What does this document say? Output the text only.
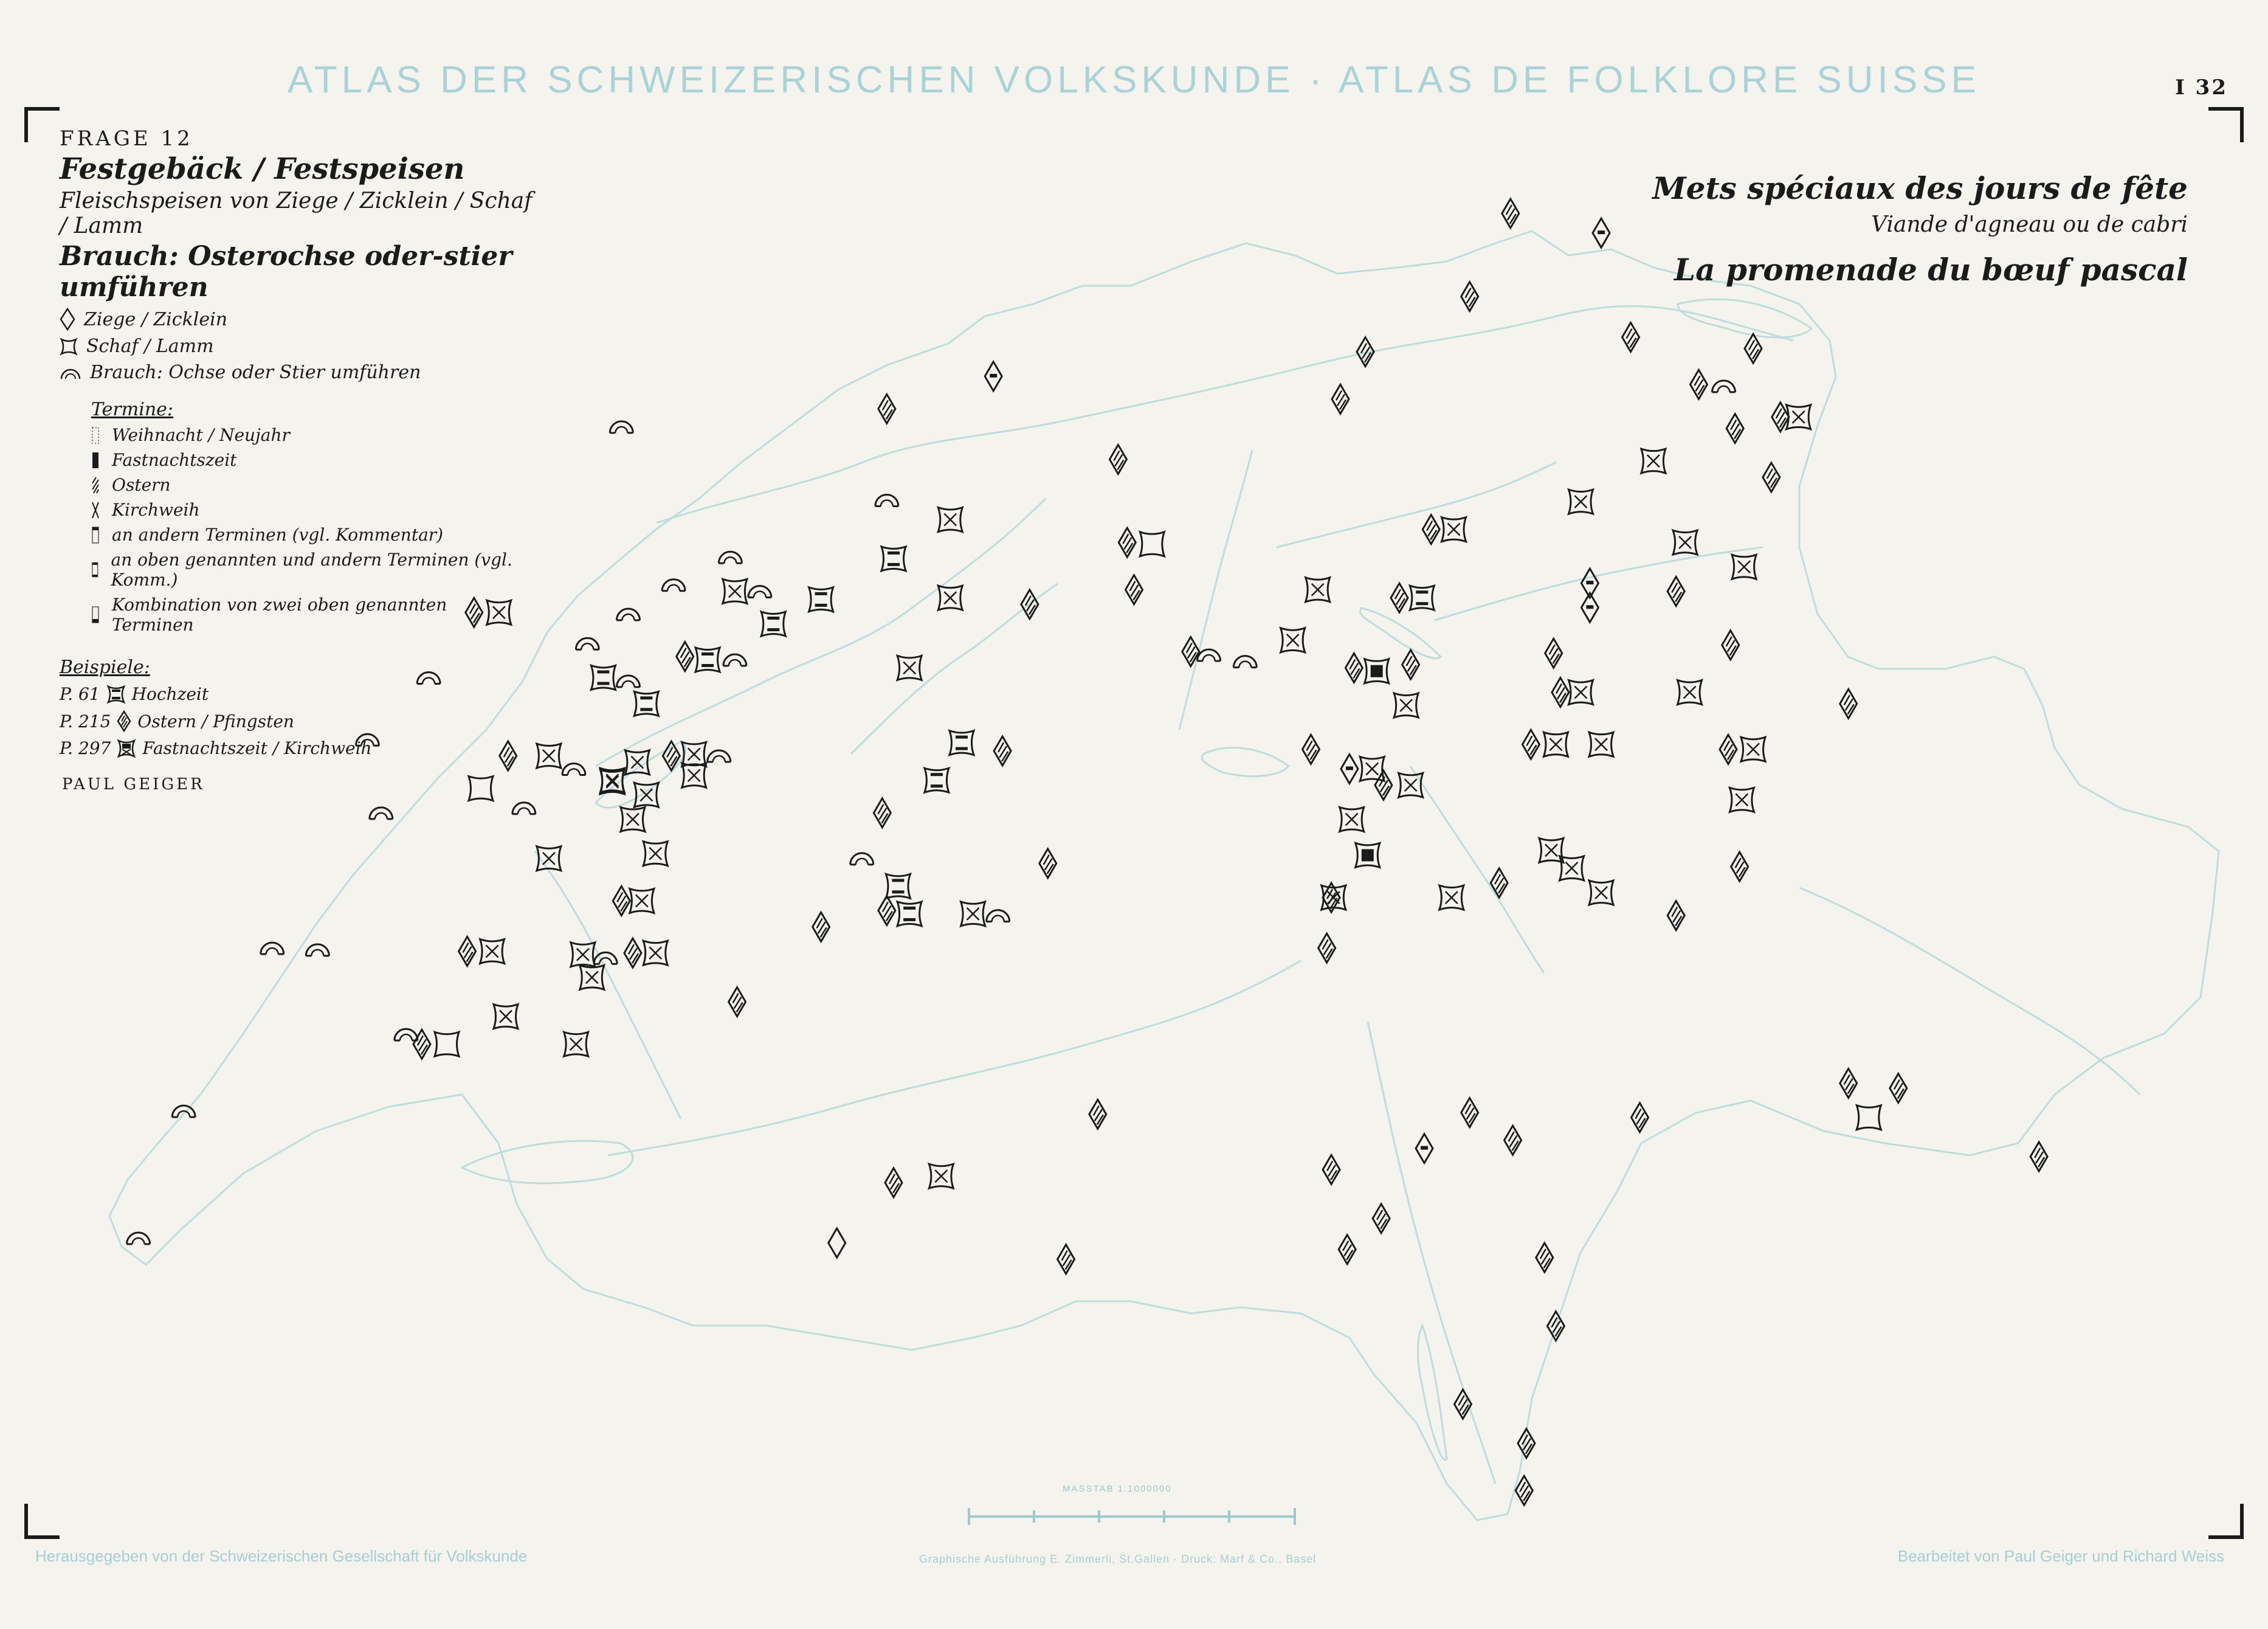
ATLAS DER SCHWEIZERISCHEN VOLKSKUNDE · ATLAS DE FOLKLORE SUISSE	I 32
FRAGE 12
Festgebäck / Festspeisen
Fleischspeisen von Ziege / Zicklein / Schaf / Lamm
Brauch: Osterochse oder-stier umführen
Ziege / Zicklein
Schaf / Lamm
Brauch: Ochse oder Stier umführen
Termine:
Weihnacht / Neujahr
Fastnachtszeit
Ostern
Kirchweih
an andern Terminen (vgl. Kommentar)
an oben genannten und andern Terminen (vgl. Komm.)
Kombination von zwei oben genannten Terminen
Beispiele:
P. 61 Hochzeit
P. 215 Ostern / Pfingsten
P. 297 Fastnachtszeit / Kirchweih
PAUL GEIGER
Mets spéciaux des jours de fête
Viande d'agneau ou de cabri
La promenade du bœuf pascal
MASSTAB 1:1000000
Herausgegeben von der Schweizerischen Gesellschaft für Volkskunde	Graphische Ausführung E. Zimmerli, St.Gallen · Druck: Marf & Co., Basel	Bearbeitet von Paul Geiger und Richard Weiss
